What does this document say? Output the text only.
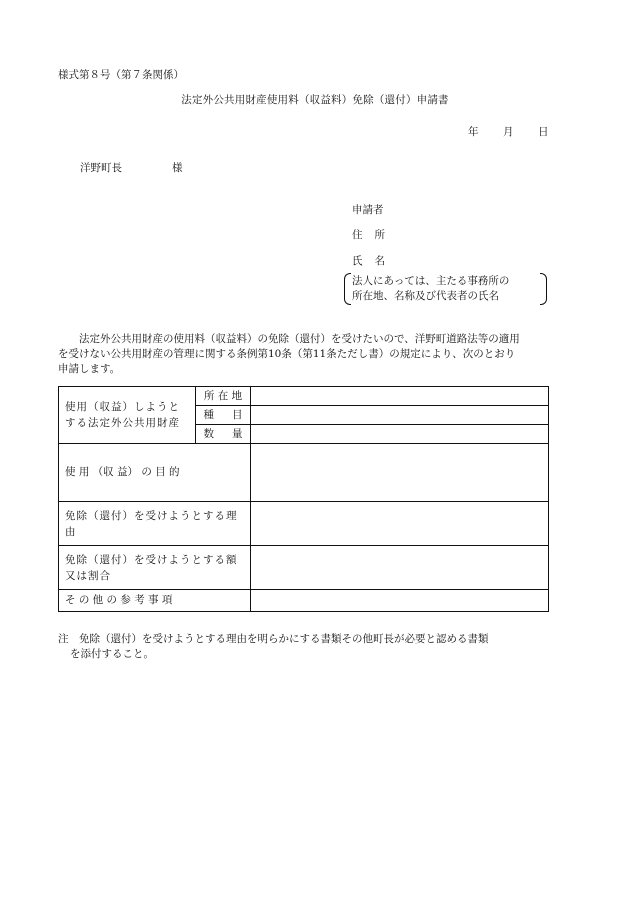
様式第８号（第７条関係）
法定外公共用財産使用料（収益料）免除（還付）申請書
年 月 日
洋野町長	様
申請者
住 所
氏 名
法人にあっては、主たる事務所の
所在地、名称及び代表者の氏名

法定外公共用財産の使用料（収益料）の免除（還付）を受けたいので、洋野町道路法等の適用

を受けない公共用財産の管理に関する条例第10条（第11条ただし書）の規定により、次のとおり

申請します。

使用（収益）しようとする法定外公共用財産	所 在 地	
	種 目	
	数 量	
使 用 （収 益） の 目 的		
免除（還付）を受けようとする理由		
免除（還付）を受けようとする額又は割合		
そ の 他 の 参 考 事 項		
注　免除（還付）を受けようとする理由を明らかにする書類その他町長が必要と認める書類
を添付すること。
